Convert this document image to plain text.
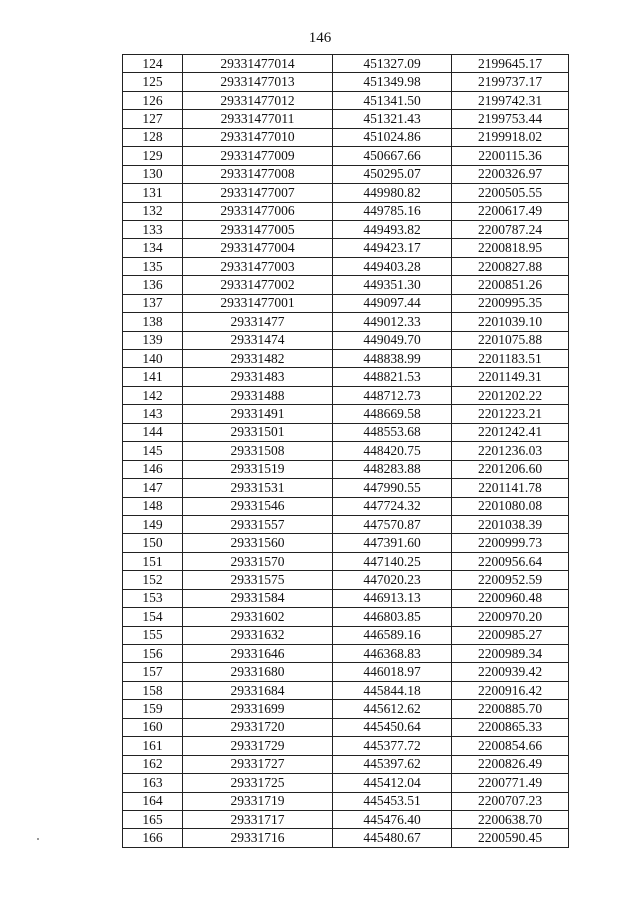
146
124	29331477014	451327.09	2199645.17
125	29331477013	451349.98	2199737.17
126	29331477012	451341.50	2199742.31
127	29331477011	451321.43	2199753.44
128	29331477010	451024.86	2199918.02
129	29331477009	450667.66	2200115.36
130	29331477008	450295.07	2200326.97
131	29331477007	449980.82	2200505.55
132	29331477006	449785.16	2200617.49
133	29331477005	449493.82	2200787.24
134	29331477004	449423.17	2200818.95
135	29331477003	449403.28	2200827.88
136	29331477002	449351.30	2200851.26
137	29331477001	449097.44	2200995.35
138	29331477	449012.33	2201039.10
139	29331474	449049.70	2201075.88
140	29331482	448838.99	2201183.51
141	29331483	448821.53	2201149.31
142	29331488	448712.73	2201202.22
143	29331491	448669.58	2201223.21
144	29331501	448553.68	2201242.41
145	29331508	448420.75	2201236.03
146	29331519	448283.88	2201206.60
147	29331531	447990.55	2201141.78
148	29331546	447724.32	2201080.08
149	29331557	447570.87	2201038.39
150	29331560	447391.60	2200999.73
151	29331570	447140.25	2200956.64
152	29331575	447020.23	2200952.59
153	29331584	446913.13	2200960.48
154	29331602	446803.85	2200970.20
155	29331632	446589.16	2200985.27
156	29331646	446368.83	2200989.34
157	29331680	446018.97	2200939.42
158	29331684	445844.18	2200916.42
159	29331699	445612.62	2200885.70
160	29331720	445450.64	2200865.33
161	29331729	445377.72	2200854.66
162	29331727	445397.62	2200826.49
163	29331725	445412.04	2200771.49
164	29331719	445453.51	2200707.23
165	29331717	445476.40	2200638.70
166	29331716	445480.67	2200590.45
